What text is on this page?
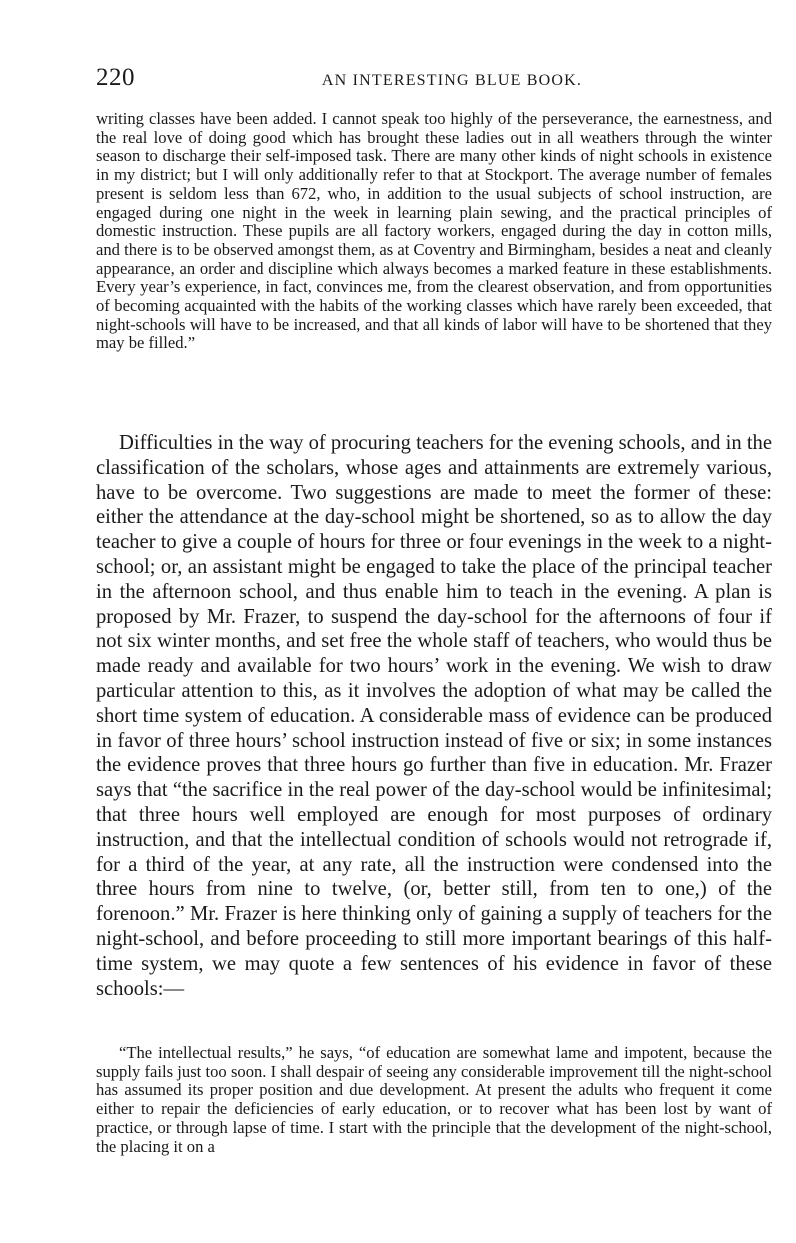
220	AN INTERESTING BLUE BOOK.

writing classes have been added. I cannot speak too highly of the perseverance, the earnestness, and the real love of doing good which has brought these ladies out in all weathers through the winter season to discharge their self-imposed task. There are many other kinds of night schools in existence in my district; but I will only additionally refer to that at Stockport. The average number of females present is seldom less than 672, who, in addition to the usual subjects of school instruction, are engaged during one night in the week in learning plain sewing, and the practical principles of domestic instruction. These pupils are all factory workers, engaged during the day in cotton mills, and there is to be observed amongst them, as at Coventry and Birmingham, besides a neat and cleanly appearance, an order and discipline which always becomes a marked feature in these establishments. Every year’s experience, in fact, convinces me, from the clearest observation, and from opportunities of becoming acquainted with the habits of the working classes which have rarely been exceeded, that night-schools will have to be increased, and that all kinds of labor will have to be shortened that they may be filled.”

Difficulties in the way of procuring teachers for the evening schools, and in the classification of the scholars, whose ages and attainments are extremely various, have to be overcome. Two suggestions are made to meet the former of these: either the attendance at the day-school might be shortened, so as to allow the day teacher to give a couple of hours for three or four evenings in the week to a night-school; or, an assistant might be engaged to take the place of the principal teacher in the afternoon school, and thus enable him to teach in the evening. A plan is proposed by Mr. Frazer, to suspend the day-school for the afternoons of four if not six winter months, and set free the whole staff of teachers, who would thus be made ready and available for two hours’ work in the evening. We wish to draw particular attention to this, as it involves the adoption of what may be called the short time system of education. A considerable mass of evidence can be produced in favor of three hours’ school instruction instead of five or six; in some instances the evidence proves that three hours go further than five in education. Mr. Frazer says that “the sacrifice in the real power of the day-school would be infinitesimal; that three hours well employed are enough for most purposes of ordinary instruction, and that the intellectual condition of schools would not retrograde if, for a third of the year, at any rate, all the instruction were condensed into the three hours from nine to twelve, (or, better still, from ten to one,) of the forenoon.” Mr. Frazer is here thinking only of gaining a supply of teachers for the night-school, and before proceeding to still more important bearings of this half-time system, we may quote a few sentences of his evidence in favor of these schools:—

“The intellectual results,” he says, “of education are somewhat lame and impotent, because the supply fails just too soon. I shall despair of seeing any considerable improvement till the night-school has assumed its proper position and due development. At present the adults who frequent it come either to repair the deficiencies of early education, or to recover what has been lost by want of practice, or through lapse of time. I start with the principle that the development of the night-school, the placing it on a
